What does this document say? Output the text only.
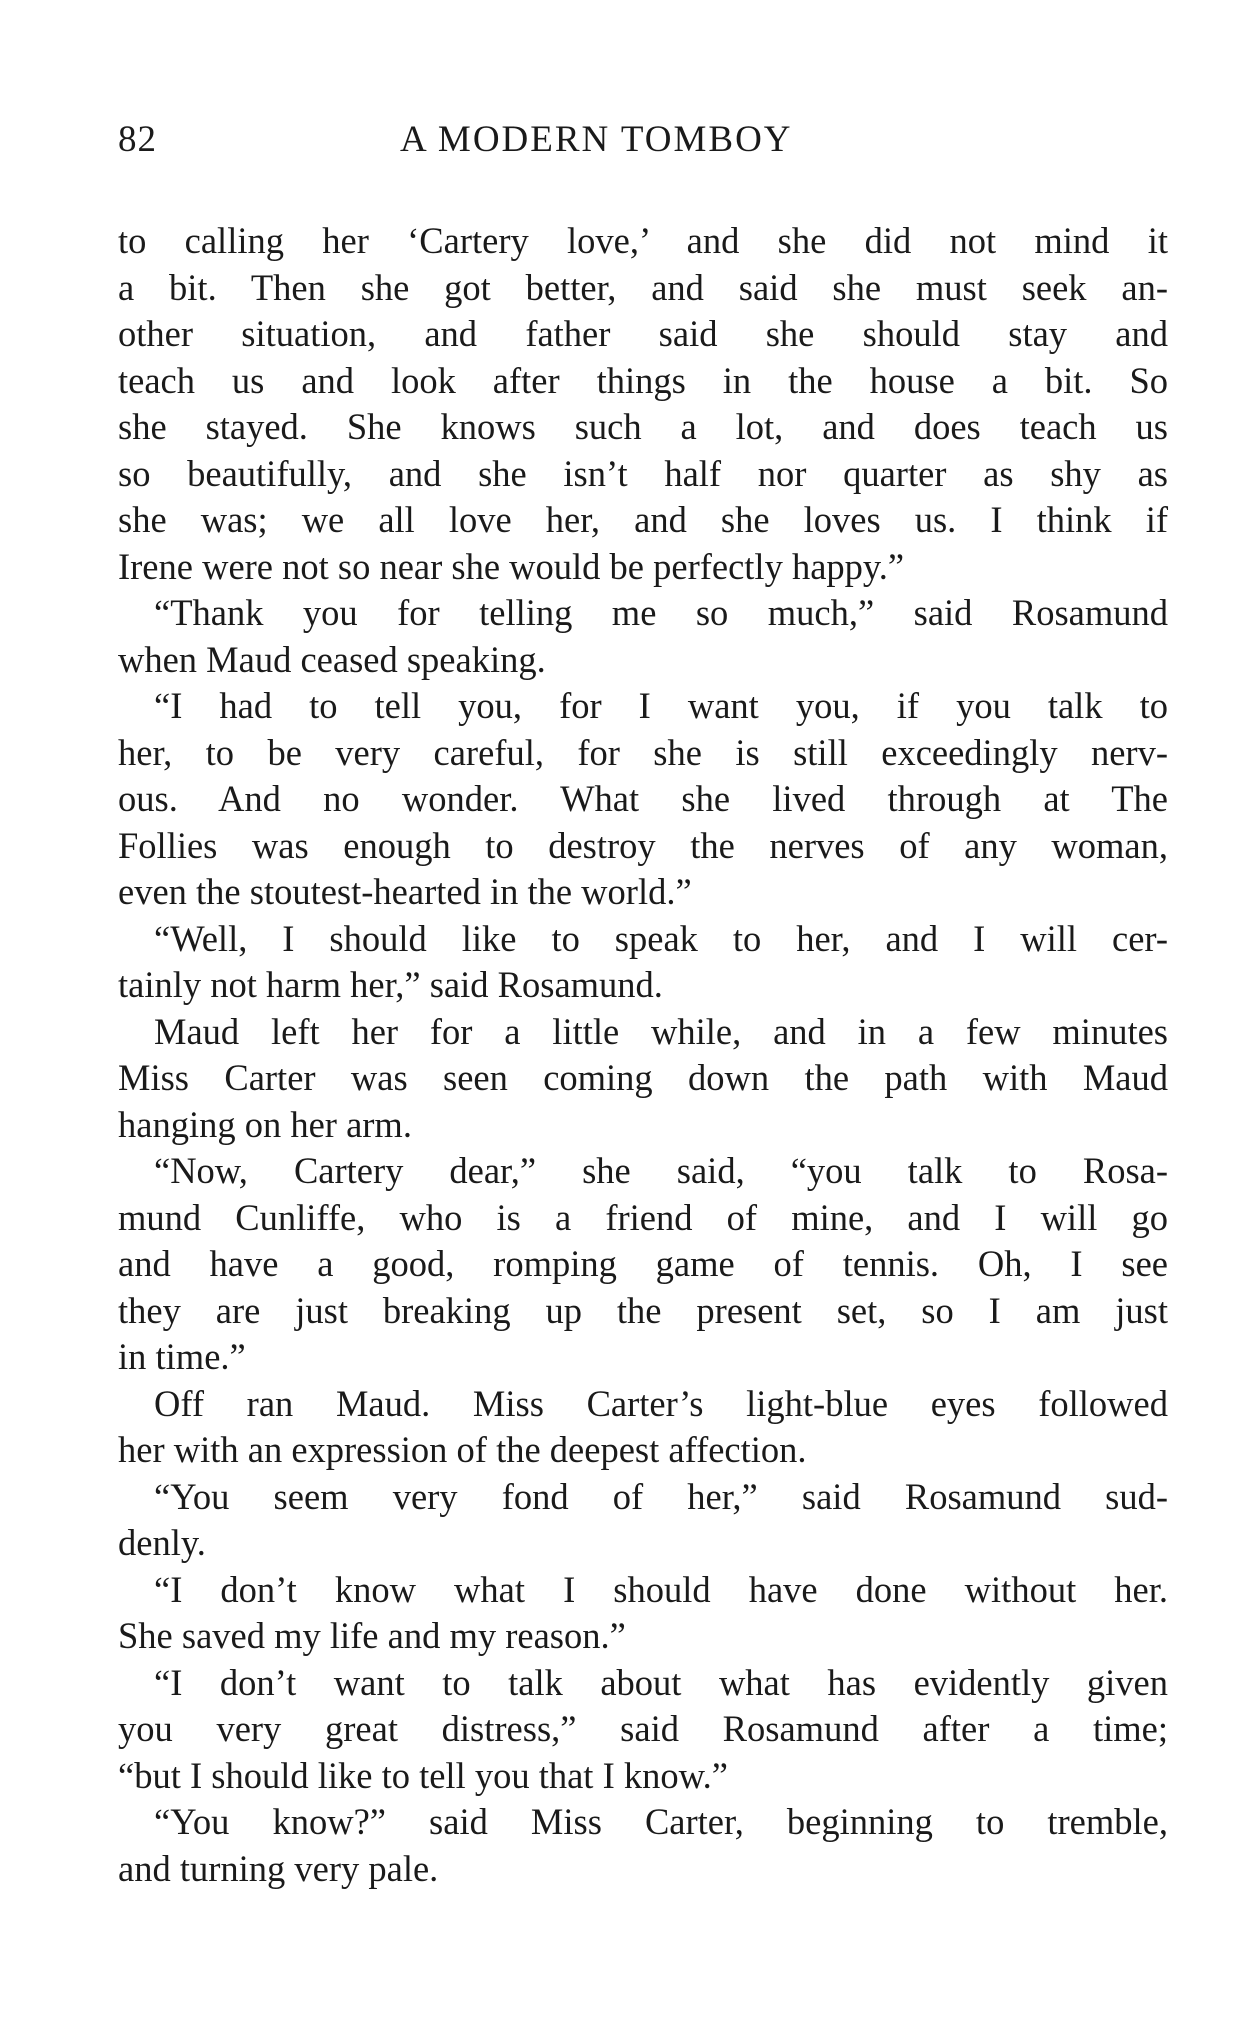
82	A MODERN TOMBOY
to calling her ‘Cartery love,’ and she did not mind it
a bit. Then she got better, and said she must seek an-
other situation, and father said she should stay and
teach us and look after things in the house a bit. So
she stayed. She knows such a lot, and does teach us
so beautifully, and she isn’t half nor quarter as shy as
she was; we all love her, and she loves us. I think if
Irene were not so near she would be perfectly happy.”
“Thank you for telling me so much,” said Rosamund
when Maud ceased speaking.
“I had to tell you, for I want you, if you talk to
her, to be very careful, for she is still exceedingly nerv-
ous. And no wonder. What she lived through at The
Follies was enough to destroy the nerves of any woman,
even the stoutest-hearted in the world.”
“Well, I should like to speak to her, and I will cer-
tainly not harm her,” said Rosamund.
Maud left her for a little while, and in a few minutes
Miss Carter was seen coming down the path with Maud
hanging on her arm.
“Now, Cartery dear,” she said, “you talk to Rosa-
mund Cunliffe, who is a friend of mine, and I will go
and have a good, romping game of tennis. Oh, I see
they are just breaking up the present set, so I am just
in time.”
Off ran Maud. Miss Carter’s light-blue eyes followed
her with an expression of the deepest affection.
“You seem very fond of her,” said Rosamund sud-
denly.
“I don’t know what I should have done without her.
She saved my life and my reason.”
“I don’t want to talk about what has evidently given
you very great distress,” said Rosamund after a time;
“but I should like to tell you that I know.”
“You know?” said Miss Carter, beginning to tremble,
and turning very pale.
